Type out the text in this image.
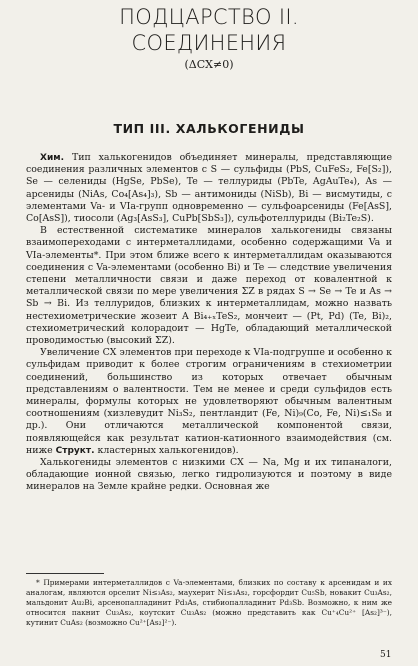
ПОДЦАРСТВО II.
СОЕДИНЕНИЯ
(ΔCX≠0)
ТИП III. ХАЛЬКОГЕНИДЫ

Хим. Тип халькогенидов объединяет минералы, представляющие соединения различных элементов с S — сульфиды (PbS, CuFeS₂, Fe[S₂]), Se — селениды (HgSe, PbSe), Te — теллуриды (PbTe, AgAuTe₄), As — арсениды (NiAs, Co₄[As₄]₃), Sb — антимониды (NiSb), Bi — висмутиды, с элементами Va- и VIa-групп одновременно — сульфоарсениды (Fe[AsS], Co[AsS]), тиосоли (Ag₃[AsS₃], CuPb[SbS₃]), сульфотеллуриды (Bi₂Te₂S).

В естественной систематике минералов халькогениды связаны взаимопереходами с интерметаллидами, особенно содержащими Va и VIa-элементы*. При этом ближе всего к интерметаллидам оказываются соединения с Va-элементами (особенно Bi) и Te — следствие увеличения степени металличности связи и даже переход от ковалентной к металлической связи по мере увеличения ΣZ в рядах S → Se → Te и As → Sb → Bi. Из теллуридов, близких к интерметаллидам, можно назвать нестехиометрические жозеит A Bi₄₊ₓTeS₂, мончеит — (Pt, Pd) (Te, Bi)₂, стехиометрический колорадоит — HgTe, обладающий металлической проводимостью (высокий ΣZ).

Увеличение CX элементов при переходе к VIa-подгруппе и особенно к сульфидам приводит к более строгим ограничениям в стехиометрии соединений, большинство из которых отвечает обычным представлениям о валентности. Тем не менее и среди сульфидов есть минералы, формулы которых не удовлетворяют обычным валентным соотношениям (хизлевудит Ni₃S₂, пентландит (Fe, Ni)₉(Co, Fe, Ni)≤₁S₈ и др.). Они отличаются металлической компонентой связи, появляющейся как результат катион-катионного взаимодействия (см. ниже Структ. кластерных халькогенидов).

Халькогениды элементов с низкими CX — Na, Mg и их типаналоги, обладающие ионной связью, легко гидролизуются и поэтому в виде минералов на Земле крайне редки. Основная же

* Примерами интерметаллидов с Va-элементами, близких по составу к арсенидам и их аналогам, являются орселит Ni≤₃As₂, маухерит Ni≤₃As₂, горсфордит Cu₅Sb, новакит Cu₃As₂, мальдонит Au₂Bi, арсенопалладинит Pd₃As, стибиопалладинит Pd₃Sb. Возможно, к ним же относится пакнит Cu₃As₂, коутскит Cu₃As₂ (можно представить как Cu⁺₄Cu²⁺ [As₂]³⁻), кутинит CuAs₂ (возможно Cu²⁺[As₂]²⁻).
51
